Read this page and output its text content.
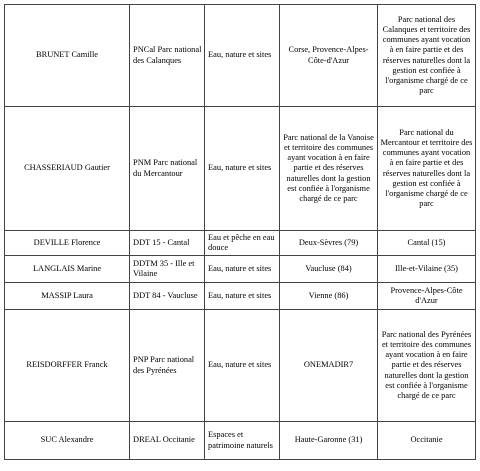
BRUNET Camille	PNCal Parc national des Calanques	Eau, nature et sites	Corse, Provence-Alpes-Côte-d'Azur	Parc national des Calanques et territoire des communes ayant vocation à en faire partie et des réserves naturelles dont la gestion est confiée à l'organisme chargé de ce parc
CHASSERIAUD Gautier	PNM Parc national du Mercantour	Eau, nature et sites	Parc national de la Vanoise et territoire des communes ayant vocation à en faire partie et des réserves naturelles dont la gestion est confiée à l'organisme chargé de ce parc	Parc national du Mercantour et territoire des communes ayant vocation à en faire partie et des réserves naturelles dont la gestion est confiée à l'organisme chargé de ce parc
DEVILLE Florence	DDT 15 - Cantal	Eau et pêche en eau douce	Deux-Sèvres (79)	Cantal (15)
LANGLAIS Marine	DDTM 35 - Ille et Vilaine	Eau, nature et sites	Vaucluse (84)	Ille-et-Vilaine (35)
MASSIP Laura	DDT 84 - Vaucluse	Eau, nature et sites	Vienne (86)	Provence-Alpes-Côte d'Azur
REISDORFFER Franck	PNP Parc national des Pyrénées	Eau, nature et sites	ONEMADIR7	Parc national des Pyrénées et territoire des communes ayant vocation à en faire partie et des réserves naturelles dont la gestion est confiée à l'organisme chargé de ce parc
SUC Alexandre	DREAL Occitanie	Espaces et patrimoine naturels	Haute-Garonne (31)	Occitanie
